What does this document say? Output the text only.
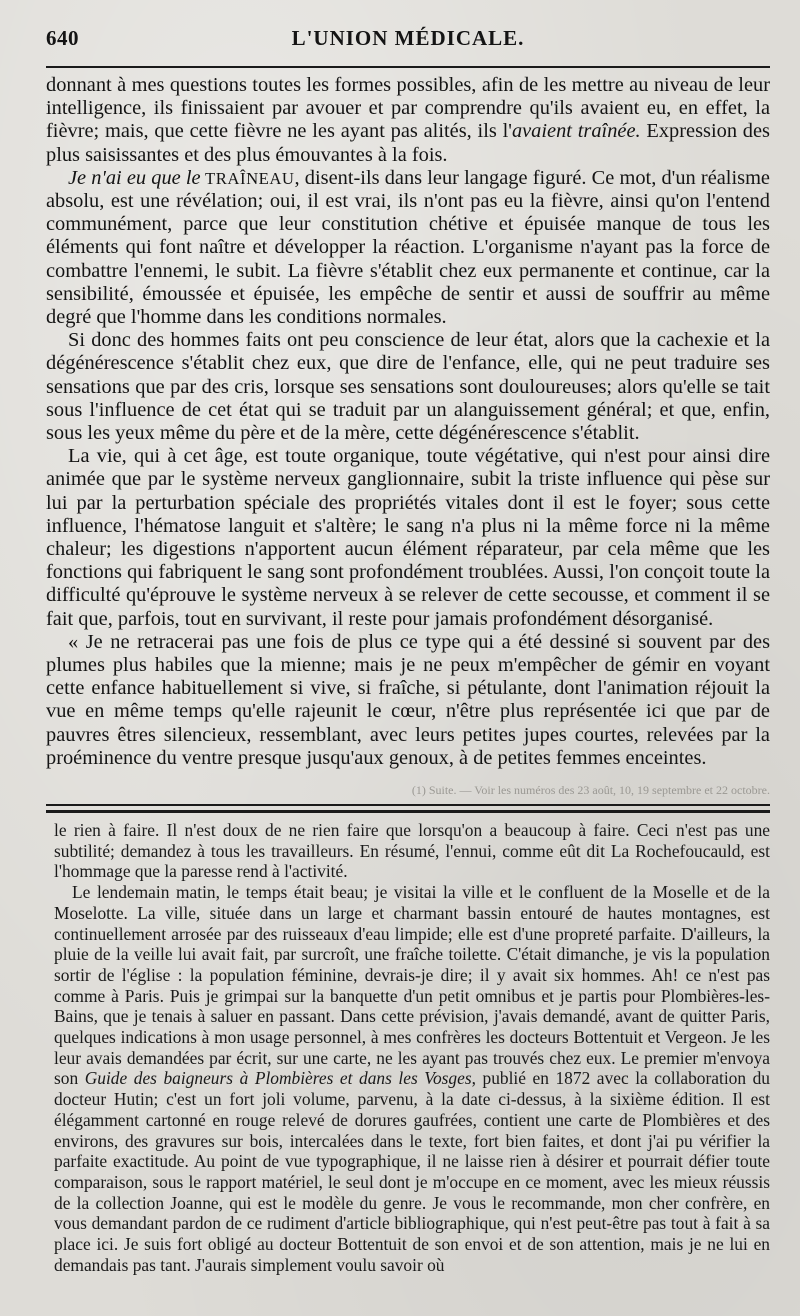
640	L'UNION MÉDICALE.

donnant à mes questions toutes les formes possibles, afin de les mettre au niveau de leur intelligence, ils finissaient par avouer et par comprendre qu'ils avaient eu, en effet, la fièvre; mais, que cette fièvre ne les ayant pas alités, ils l'avaient traînée. Expression des plus saisissantes et des plus émouvantes à la fois.

Je n'ai eu que le TRAÎNEAU, disent-ils dans leur langage figuré. Ce mot, d'un réalisme absolu, est une révélation; oui, il est vrai, ils n'ont pas eu la fièvre, ainsi qu'on l'entend communément, parce que leur constitution chétive et épuisée manque de tous les éléments qui font naître et développer la réaction. L'organisme n'ayant pas la force de combattre l'ennemi, le subit. La fièvre s'établit chez eux permanente et continue, car la sensibilité, émoussée et épuisée, les empêche de sentir et aussi de souffrir au même degré que l'homme dans les conditions normales.

Si donc des hommes faits ont peu conscience de leur état, alors que la cachexie et la dégénérescence s'établit chez eux, que dire de l'enfance, elle, qui ne peut traduire ses sensations que par des cris, lorsque ses sensations sont douloureuses; alors qu'elle se tait sous l'influence de cet état qui se traduit par un alanguissement général; et que, enfin, sous les yeux même du père et de la mère, cette dégénérescence s'établit.

La vie, qui à cet âge, est toute organique, toute végétative, qui n'est pour ainsi dire animée que par le système nerveux ganglionnaire, subit la triste influence qui pèse sur lui par la perturbation spéciale des propriétés vitales dont il est le foyer; sous cette influence, l'hématose languit et s'altère; le sang n'a plus ni la même force ni la même chaleur; les digestions n'apportent aucun élément réparateur, par cela même que les fonctions qui fabriquent le sang sont profondément troublées. Aussi, l'on conçoit toute la difficulté qu'éprouve le système nerveux à se relever de cette secousse, et comment il se fait que, parfois, tout en survivant, il reste pour jamais profondément désorganisé.

« Je ne retracerai pas une fois de plus ce type qui a été dessiné si souvent par des plumes plus habiles que la mienne; mais je ne peux m'empêcher de gémir en voyant cette enfance habituellement si vive, si fraîche, si pétulante, dont l'animation réjouit la vue en même temps qu'elle rajeunit le cœur, n'être plus représentée ici que par de pauvres êtres silencieux, ressemblant, avec leurs petites jupes courtes, relevées par la proéminence du ventre presque jusqu'aux genoux, à de petites femmes enceintes.

(1) Suite. — Voir les numéros des 23 août, 10, 19 septembre et 22 octobre.

le rien à faire. Il n'est doux de ne rien faire que lorsqu'on a beaucoup à faire. Ceci n'est pas une subtilité; demandez à tous les travailleurs. En résumé, l'ennui, comme eût dit La Rochefoucauld, est l'hommage que la paresse rend à l'activité.

Le lendemain matin, le temps était beau; je visitai la ville et le confluent de la Moselle et de la Moselotte. La ville, située dans un large et charmant bassin entouré de hautes montagnes, est continuellement arrosée par des ruisseaux d'eau limpide; elle est d'une propreté parfaite. D'ailleurs, la pluie de la veille lui avait fait, par surcroît, une fraîche toilette. C'était dimanche, je vis la population sortir de l'église : la population féminine, devrais-je dire; il y avait six hommes. Ah! ce n'est pas comme à Paris. Puis je grimpai sur la banquette d'un petit omnibus et je partis pour Plombières-les-Bains, que je tenais à saluer en passant. Dans cette prévision, j'avais demandé, avant de quitter Paris, quelques indications à mon usage personnel, à mes confrères les docteurs Bottentuit et Vergeon. Je les leur avais demandées par écrit, sur une carte, ne les ayant pas trouvés chez eux. Le premier m'envoya son Guide des baigneurs à Plombières et dans les Vosges, publié en 1872 avec la collaboration du docteur Hutin; c'est un fort joli volume, parvenu, à la date ci-dessus, à la sixième édition. Il est élégamment cartonné en rouge relevé de dorures gaufrées, contient une carte de Plombières et des environs, des gravures sur bois, intercalées dans le texte, fort bien faites, et dont j'ai pu vérifier la parfaite exactitude. Au point de vue typographique, il ne laisse rien à désirer et pourrait défier toute comparaison, sous le rapport matériel, le seul dont je m'occupe en ce moment, avec les mieux réussis de la collection Joanne, qui est le modèle du genre. Je vous le recommande, mon cher confrère, en vous demandant pardon de ce rudiment d'article bibliographique, qui n'est peut-être pas tout à fait à sa place ici. Je suis fort obligé au docteur Bottentuit de son envoi et de son attention, mais je ne lui en demandais pas tant. J'aurais simplement voulu savoir où
